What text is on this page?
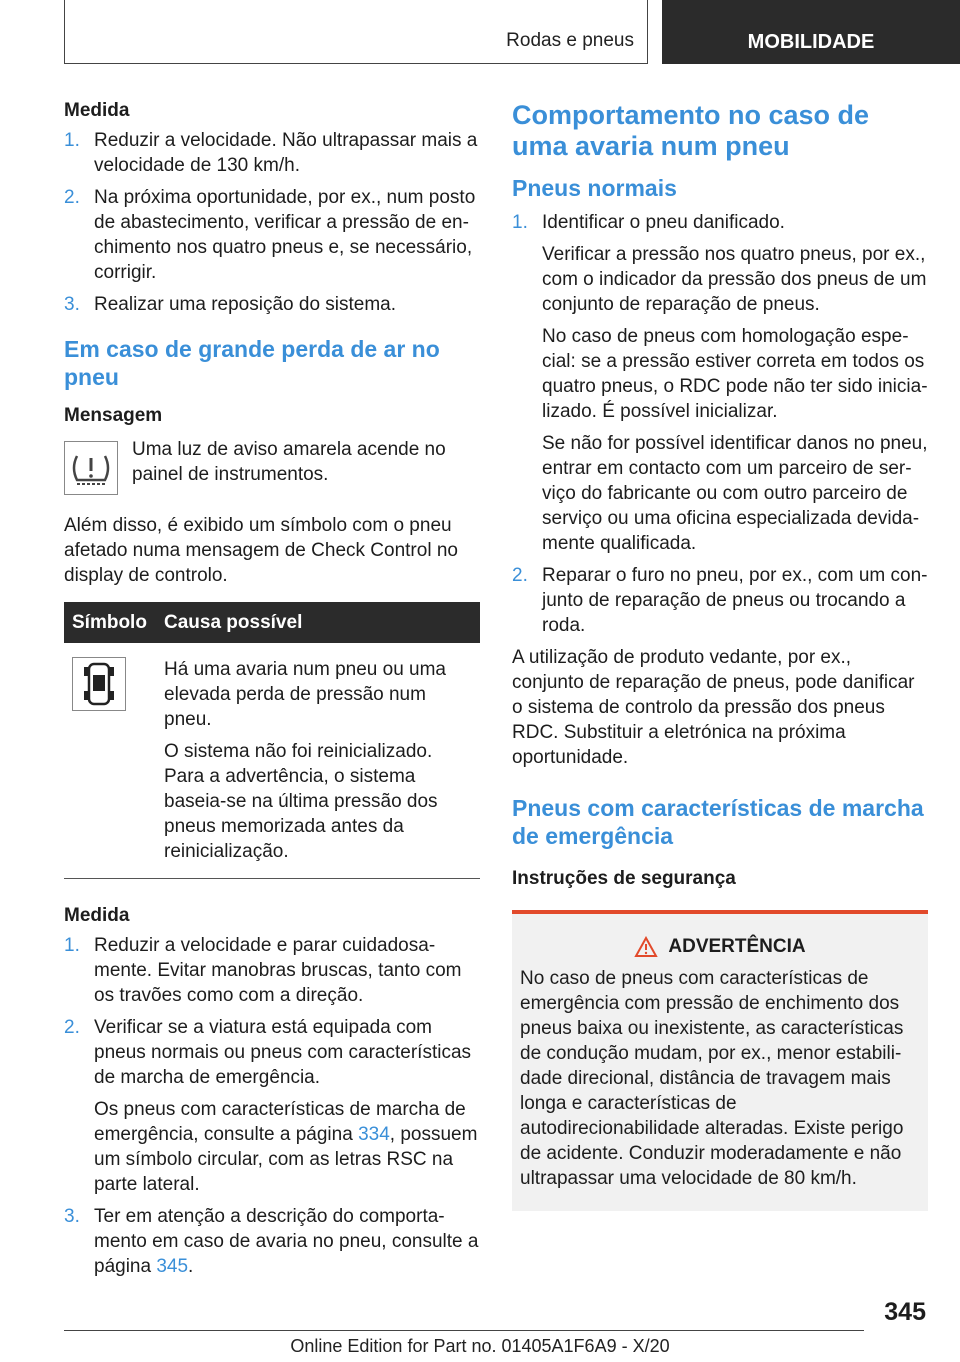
Rodas e pneus	MOBILIDADE
Medida
1. Reduzir a velocidade. Não ultrapassar mais a velocidade de 130 km/h.
2. Na próxima oportunidade, por ex., num posto de abastecimento, verificar a pressão de enchimento nos quatro pneus e, se necessário, corrigir.
3. Realizar uma reposição do sistema.
Em caso de grande perda de ar no pneu
Mensagem

Uma luz de aviso amarela acende no painel de instrumentos.

Além disso, é exibido um símbolo com o pneu afetado numa mensagem de Check Control no display de controlo.

Símbolo	Causa possível

Há uma avaria num pneu ou uma elevada perda de pressão num pneu.

O sistema não foi reinicializado. Para a advertência, o sistema baseia-se na última pressão dos pneus memorizada antes da reinicialização.

Medida
1. Reduzir a velocidade e parar cuidadosamente. Evitar manobras bruscas, tanto com os travões como com a direção.
2. Verificar se a viatura está equipada com pneus normais ou pneus com características de marcha de emergência.

Os pneus com características de marcha de emergência, consulte a página 334, possuem um símbolo circular, com as letras RSC na parte lateral.

3. Ter em atenção a descrição do comportamento em caso de avaria no pneu, consulte a página 345.
Comportamento no caso de uma avaria num pneu
Pneus normais
1. Identificar o pneu danificado.

Verificar a pressão nos quatro pneus, por ex., com o indicador da pressão dos pneus de um conjunto de reparação de pneus.

No caso de pneus com homologação especial: se a pressão estiver correta em todos os quatro pneus, o RDC pode não ter sido inicializado. É possível inicializar.

Se não for possível identificar danos no pneu, entrar em contacto com um parceiro de serviço do fabricante ou com outro parceiro de serviço ou uma oficina especializada devidamente qualificada.

2. Reparar o furo no pneu, por ex., com um conjunto de reparação de pneus ou trocando a roda.

A utilização de produto vedante, por ex., conjunto de reparação de pneus, pode danificar o sistema de controlo da pressão dos pneus RDC. Substituir a eletrónica na próxima oportunidade.

Pneus com características de marcha de emergência
Instruções de segurança
ADVERTÊNCIA

No caso de pneus com características de emergência com pressão de enchimento dos pneus baixa ou inexistente, as características de condução mudam, por ex., menor estabilidade direcional, distância de travagem mais longa e características de autodirecionabilidade alteradas. Existe perigo de acidente. Conduzir moderadamente e não ultrapassar uma velocidade de 80 km/h.

345
Online Edition for Part no. 01405A1F6A9 - X/20
